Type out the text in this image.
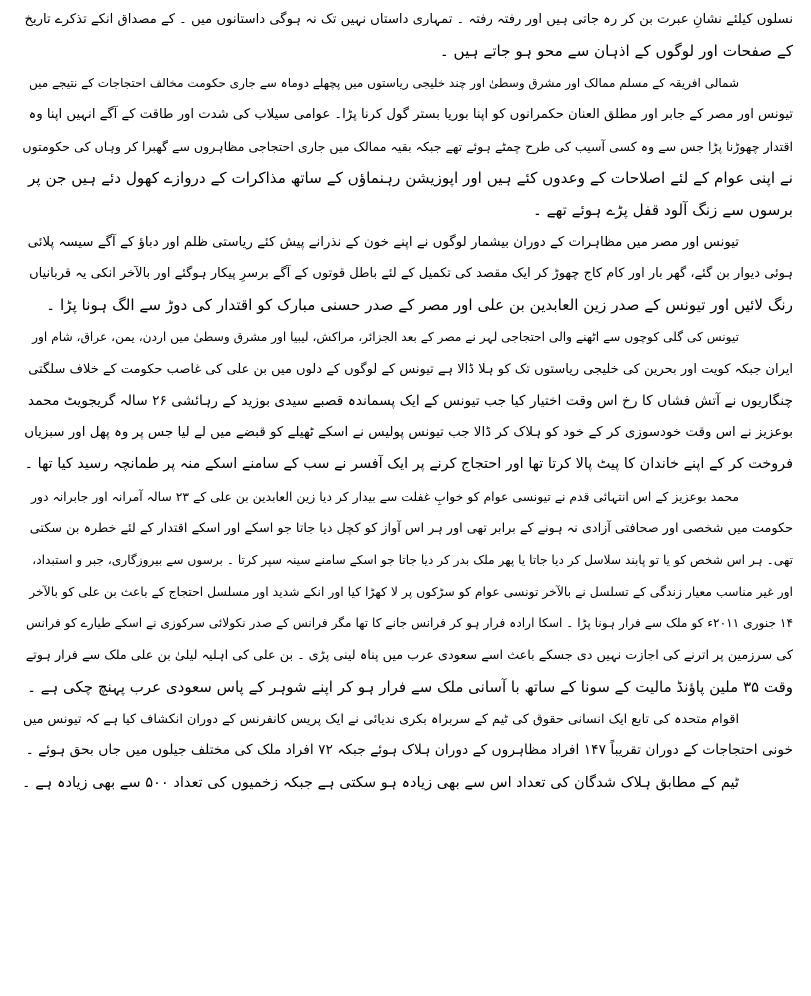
نسلوں کیلئے نشانِ عبرت بن کر رہ جاتی ہیں اور رفتہ رفتہ ۔ تمہاری داستاں نہیں تک نہ ہوگی داستانوں میں ۔ کے مصداق انکے تذکرے تاریخ
کے صفحات اور لوگوں کے اذہان سے محو ہو جاتے ہیں ۔
شمالی افریقہ کے مسلم ممالک اور مشرق وسطیٰ اور چند خلیجی ریاستوں میں پچھلے دوماہ سے جاری حکومت مخالف احتجاجات کے نتیجے میں
تیونس اور مصر کے جابر اور مطلق العنان حکمرانوں کو اپنا بوریا بستر گول کرنا پڑا۔ عوامی سیلاب کی شدت اور طاقت کے آگے انہیں اپنا وہ
اقتدار چھوڑنا پڑا جس سے وہ کسی آسیب کی طرح چمٹے ہوئے تھے جبکہ بقیہ ممالک میں جاری احتجاجی مظاہروں سے گھبرا کر وہاں کی حکومتوں
نے اپنی عوام کے لئے اصلاحات کے وعدوں کئے ہیں اور اپوزیشن رہنماؤں کے ساتھ مذاکرات کے دروازے کھول دئے ہیں جن پر
برسوں سے زنگ آلود قفل پڑے ہوئے تھے ۔
تیونس اور مصر میں مظاہرات کے دوران بیشمار لوگوں نے اپنے خون کے نذرانے پیش کئے ریاستی ظلم اور دباؤ کے آگے سیسہ پلائی
ہوئی دیوار بن گئے، گھر بار اور کام کاج چھوڑ کر ایک مقصد کی تکمیل کے لئے باطل قوتوں کے آگے برسرِ پیکار ہوگئے اور بالآخر انکی یہ قربانیاں
رنگ لائیں اور تیونس کے صدر زین العابدین بن علی اور مصر کے صدر حسنی مبارک کو اقتدار کی دوڑ سے الگ ہونا پڑا ۔
تیونس کی گلی کوچوں سے اٹھنے والی احتجاجی لہر نے مصر کے بعد الجزائر، مراکش، لیبیا اور مشرق وسطیٰ میں اردن، یمن، عراق، شام اور
ایران جبکہ کویت اور بحرین کی خلیجی ریاستوں تک کو ہلا ڈالا ہے تیونس کے لوگوں کے دلوں میں بن علی کی غاصب حکومت کے خلاف سلگتی
چنگاریوں نے آتش فشاں کا رخ اس وقت اختیار کیا جب تیونس کے ایک پسماندہ قصبے سیدی بوزید کے رہائشی ۲۶ سالہ گریجویٹ محمد
بوعزیز نے اس وقت خودسوزی کر کے خود کو ہلاک کر ڈالا جب تیونس پولیس نے اسکے ٹھیلے کو قبضے میں لے لیا جس پر وہ پھل اور سبزیاں
فروخت کر کے اپنے خاندان کا پیٹ پالا کرتا تھا اور احتجاج کرنے پر ایک آفسر نے سب کے سامنے اسکے منہ پر طمانچہ رسید کیا تھا ۔
محمد بوعزیز کے اس انتہائی قدم نے تیونسی عوام کو خوابِ غفلت سے بیدار کر دیا زین العابدین بن علی کے ۲۳ سالہ آمرانہ اور جابرانہ دور
حکومت میں شخصی اور صحافتی آزادی نہ ہونے کے برابر تھی اور ہر اس آواز کو کچل دیا جاتا جو اسکے اور اسکے اقتدار کے لئے خطرہ بن سکتی
تھی۔ ہر اس شخص کو یا تو پابند سلاسل کر دیا جاتا یا پھر ملک بدر کر دیا جاتا جو اسکے سامنے سینہ سپر کرتا ۔ برسوں سے بیروزگاری، جبر و استبداد،
اور غیر مناسب معیار زندگی کے تسلسل نے بالآخر تونسی عوام کو سڑکوں پر لا کھڑا کیا اور انکے شدید اور مسلسل احتجاج کے باعث بن علی کو بالآخر
۱۴ جنوری ۲۰۱۱ء کو ملک سے فرار ہونا پڑا ۔ اسکا ارادہ فرار ہو کر فرانس جانے کا تھا مگر فرانس کے صدر نکولائی سرکوزی نے اسکے طیارے کو فرانس
کی سرزمین پر اترنے کی اجازت نہیں دی جسکے باعث اسے سعودی عرب میں پناہ لینی پڑی ۔ بن علی کی اہلیہ لیلیٰ بن علی ملک سے فرار ہوتے
وقت ۳۵ ملین پاؤنڈ مالیت کے سونا کے ساتھ با آسانی ملک سے فرار ہو کر اپنے شوہر کے پاس سعودی عرب پہنچ چکی ہے ۔
اقوام متحدہ کی تابع ایک انسانی حقوق کی ٹیم کے سربراہ بکری ندیائی نے ایک پریس کانفرنس کے دوران انکشاف کیا ہے کہ تیونس میں
خونی احتجاجات کے دوران تقریباً ۱۴۷ افراد مظاہروں کے دوران ہلاک ہوئے جبکہ ۷۲ افراد ملک کی مختلف جیلوں میں جاں بحق ہوئے ۔
ٹیم کے مطابق ہلاک شدگان کی تعداد اس سے بھی زیادہ ہو سکتی ہے جبکہ زخمیوں کی تعداد ۵۰۰ سے بھی زیادہ ہے ۔
